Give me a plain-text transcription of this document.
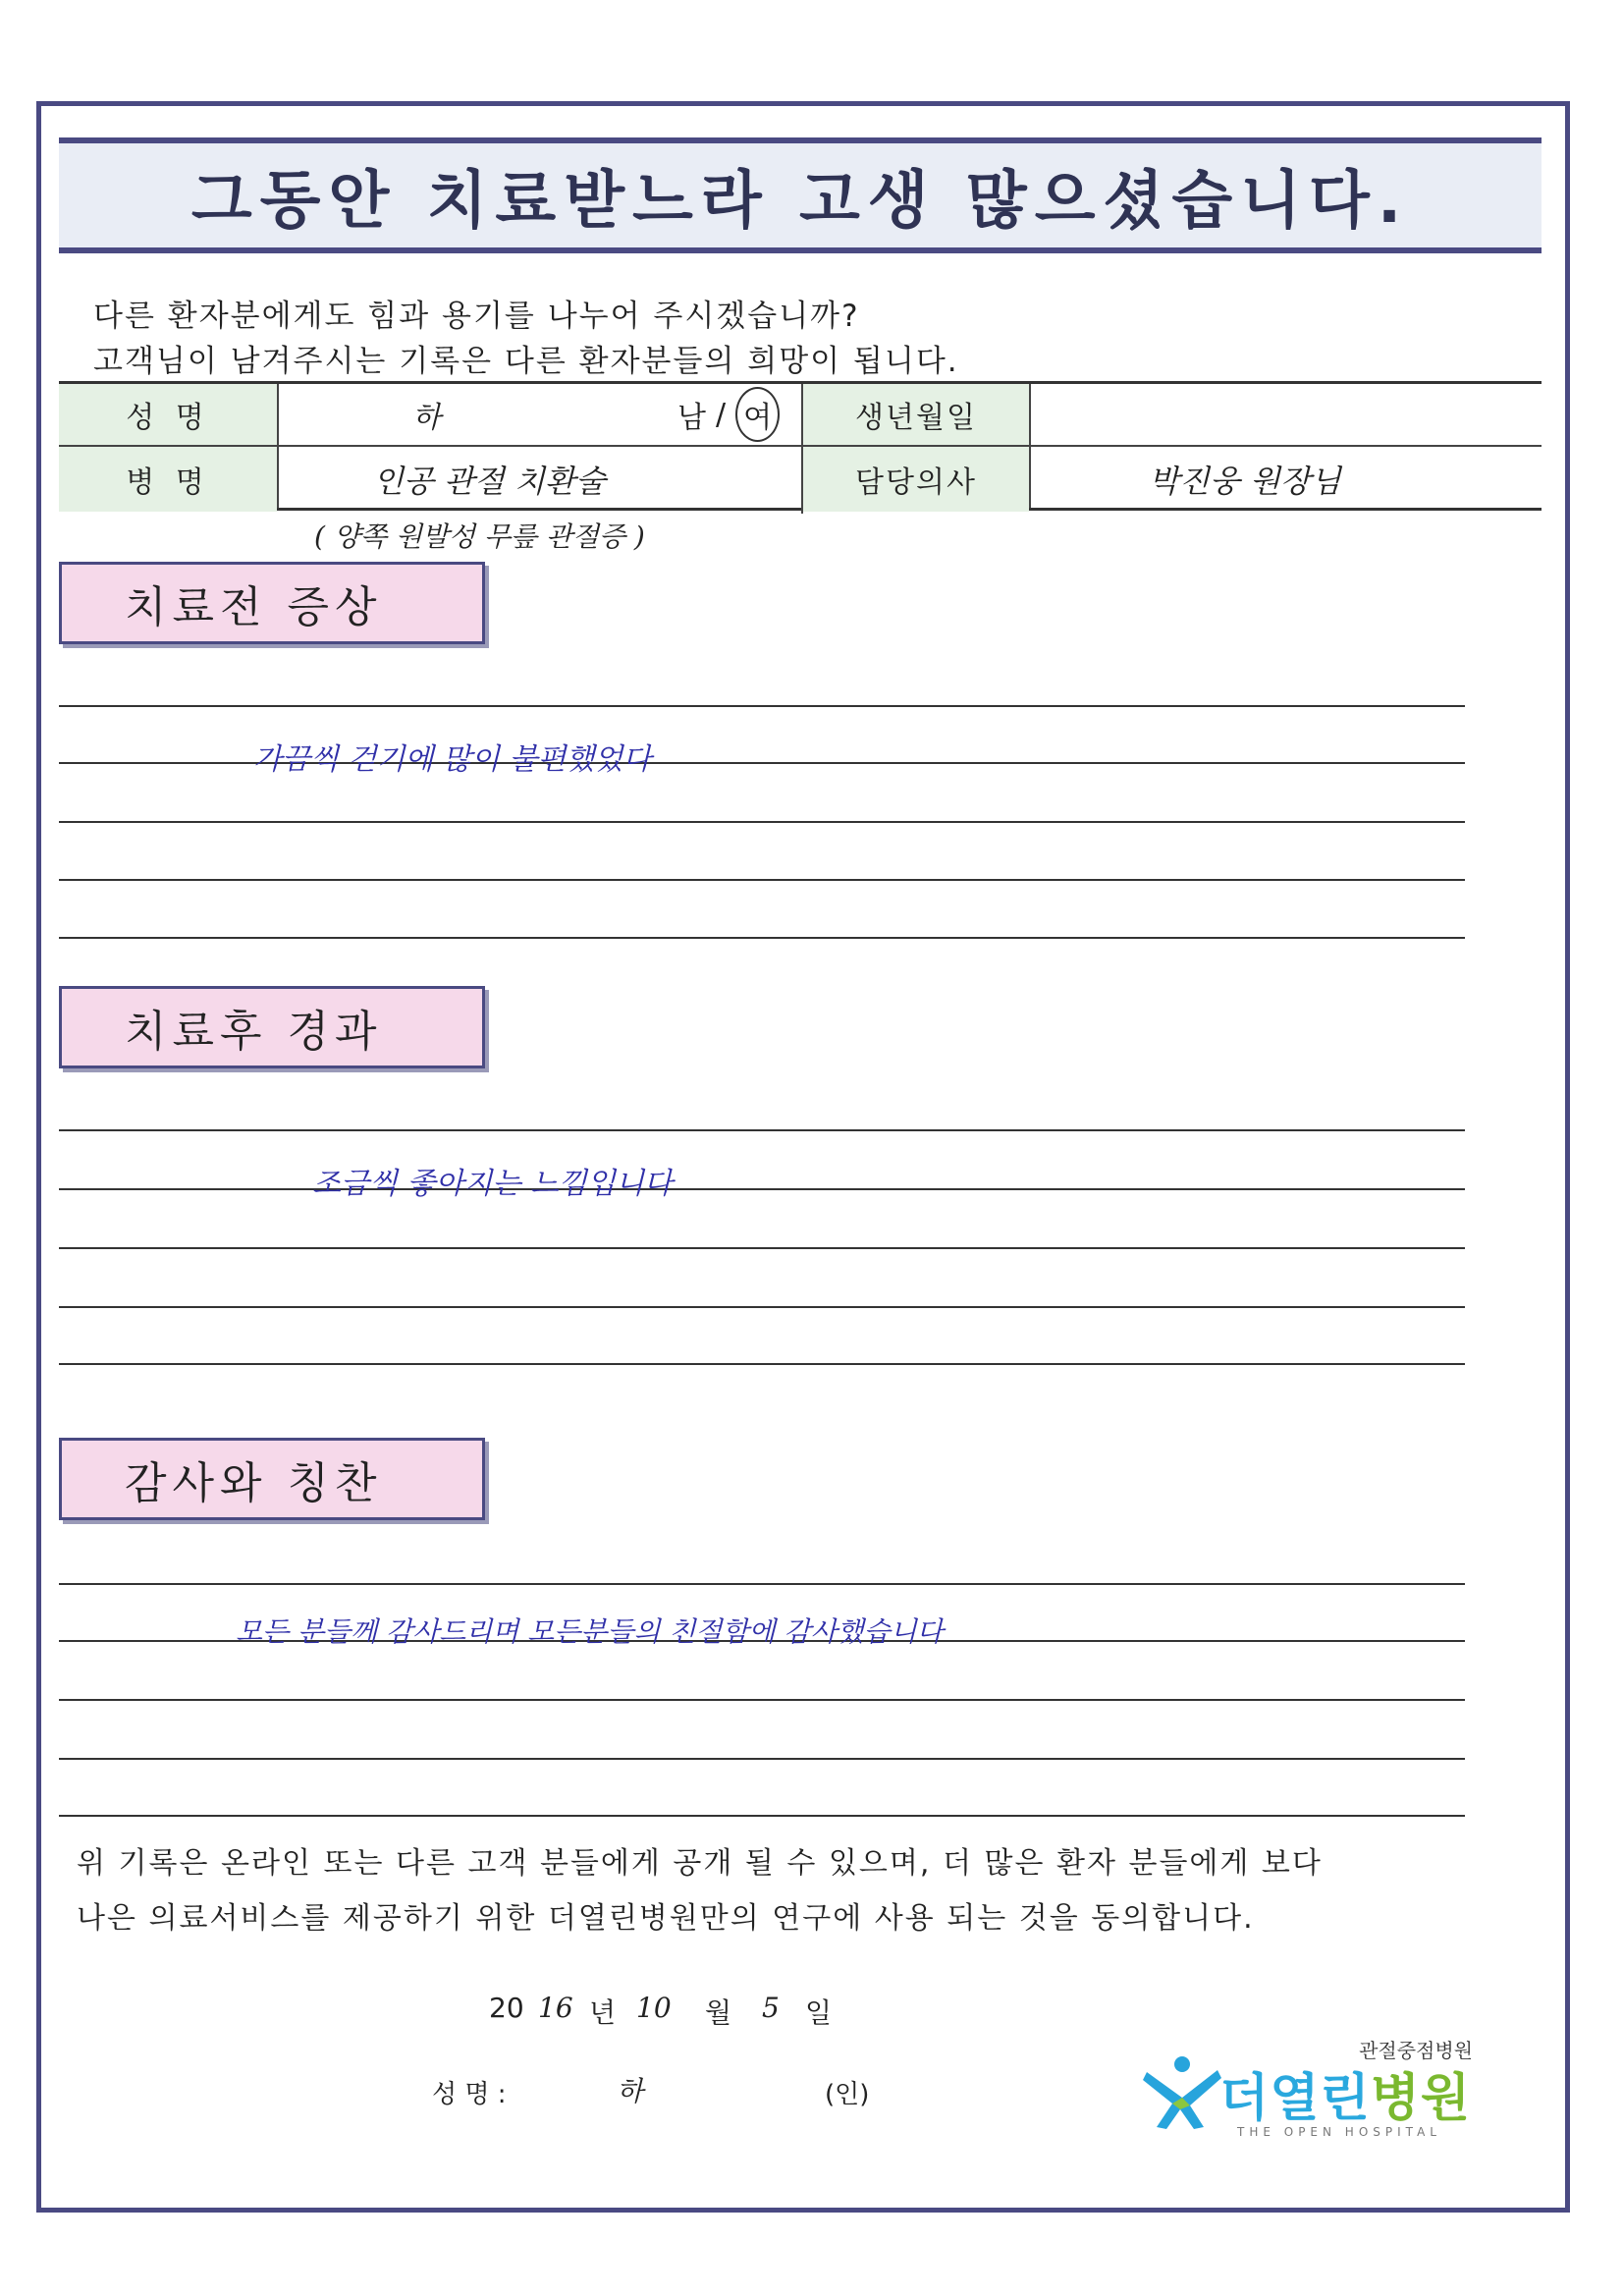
그동안 치료받느라 고생 많으셨습니다.
다른 환자분에게도 힘과 용기를 나누어 주시겠습니까?
고객님이 남겨주시는 기록은 다른 환자분들의 희망이 됩니다.
성 명	하	남 / 여	생년월일
병 명	인공 관절 치환술	담당의사	박진웅 원장님
( 양쪽 원발성 무릎 관절증 )
치료전 증상
가끔씩 걷기에 많이 불편했었다
치료후 경과
조금씩 좋아지는 느낌입니다
감사와 칭찬
모든 분들께 감사드리며 모든분들의 친절함에 감사했습니다
위 기록은 온라인 또는 다른 고객 분들에게 공개 될 수 있으며, 더 많은 환자 분들에게 보다
나은 의료서비스를 제공하기 위한 더열린병원만의 연구에 사용 되는 것을 동의합니다.
20 16 년 10 월 5 일
성 명 :	하	(인)
관절중점병원
더열린병원
THE OPEN HOSPITAL
